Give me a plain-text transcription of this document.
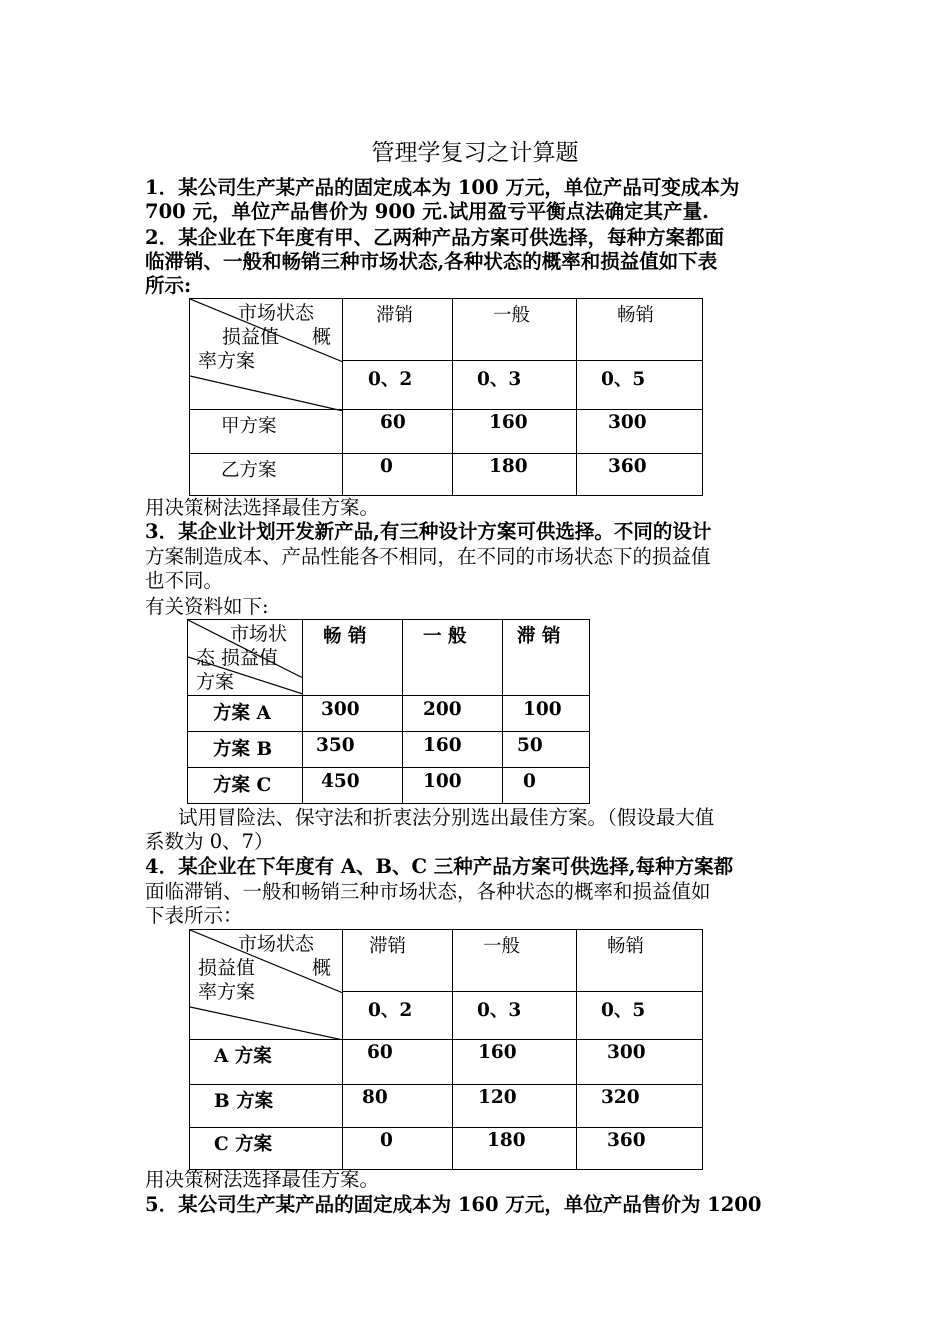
管理学复习之计算题
1．某公司生产某产品的固定成本为 100 万元，单位产品可变成本为
700 元，单位产品售价为 900 元.试用盈亏平衡点法确定其产量.
2．某企业在下年度有甲、乙两种产品方案可供选择，每种方案都面
临滞销、一般和畅销三种市场状态,各种状态的概率和损益值如下表
所示:
市场状态
损益值 概
率方案	滞销	一般	畅销

	0、2	0、3	0、5

甲方案	60	160	300

乙方案	0	180	360
用决策树法选择最佳方案。
3．某企业计划开发新产品,有三种设计方案可供选择。不同的设计
方案制造成本、产品性能各不相同，在不同的市场状态下的损益值
也不同。
有关资料如下:
市场状
态 损益值
方案	畅 销	一 般	滞 销

方案 A	300	200	100

方案 B	350	160	50

方案 C	450	100	0
试用冒险法、保守法和折衷法分别选出最佳方案。（假设最大值
系数为 0、7）
4．某企业在下年度有 A、B、C 三种产品方案可供选择,每种方案都
面临滞销、一般和畅销三种市场状态，各种状态的概率和损益值如
下表所示：
市场状态
损益值 概
率方案	滞销	一般	畅销

	0、2	0、3	0、5

A 方案	60	160	300

B 方案	80	120	320

C 方案	0	180	360
用决策树法选择最佳方案。
5．某公司生产某产品的固定成本为 160 万元，单位产品售价为 1200
